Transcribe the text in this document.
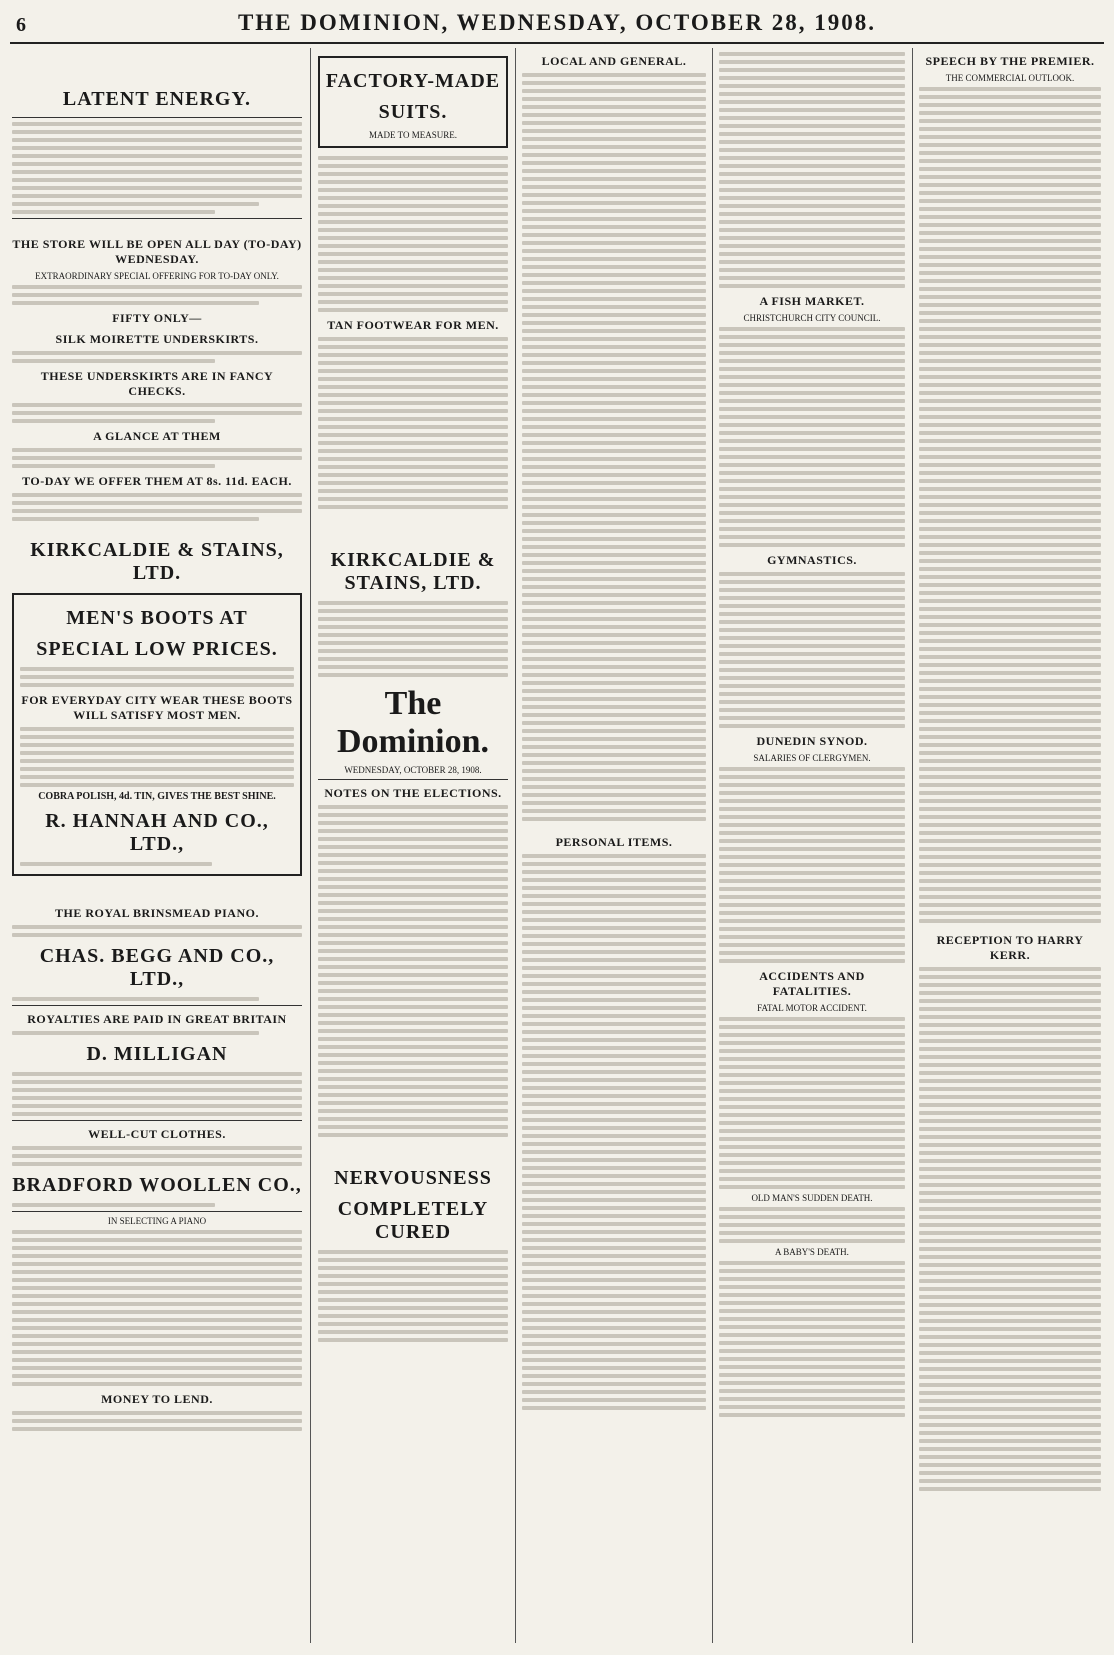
6	THE DOMINION, WEDNESDAY, OCTOBER 28, 1908.
LATENT ENERGY.
THE STORE WILL BE OPEN ALL DAY (TO-DAY) WEDNESDAY.
EXTRAORDINARY SPECIAL OFFERING FOR TO-DAY ONLY.
FIFTY ONLY—
SILK MOIRETTE UNDERSKIRTS.
THESE UNDERSKIRTS ARE IN FANCY CHECKS.
A GLANCE AT THEM
TO-DAY WE OFFER THEM AT 8s. 11d. EACH.
KIRKCALDIE & STAINS, LTD.
MEN'S BOOTS AT
SPECIAL LOW PRICES.
FOR EVERYDAY CITY WEAR THESE BOOTS WILL SATISFY MOST MEN.
COBRA POLISH, 4d. TIN, GIVES THE BEST SHINE.
R. HANNAH AND CO., LTD.,
THE ROYAL BRINSMEAD PIANO.
CHAS. BEGG AND CO., LTD.,
ROYALTIES ARE PAID IN GREAT BRITAIN
D. MILLIGAN
WELL-CUT CLOTHES.
BRADFORD WOOLLEN CO.,
IN SELECTING A PIANO
MONEY TO LEND.
FACTORY-MADE
SUITS.
MADE TO MEASURE.
TAN FOOTWEAR FOR MEN.
KIRKCALDIE & STAINS, LTD.
The Dominion.
WEDNESDAY, OCTOBER 28, 1908.
NOTES ON THE ELECTIONS.
NERVOUSNESS
COMPLETELY CURED
LOCAL AND GENERAL.
PERSONAL ITEMS.
A FISH MARKET.
CHRISTCHURCH CITY COUNCIL.
GYMNASTICS.
DUNEDIN SYNOD.
SALARIES OF CLERGYMEN.
ACCIDENTS AND FATALITIES.
FATAL MOTOR ACCIDENT.
OLD MAN'S SUDDEN DEATH.
A BABY'S DEATH.
SPEECH BY THE PREMIER.
THE COMMERCIAL OUTLOOK.
RECEPTION TO HARRY KERR.
